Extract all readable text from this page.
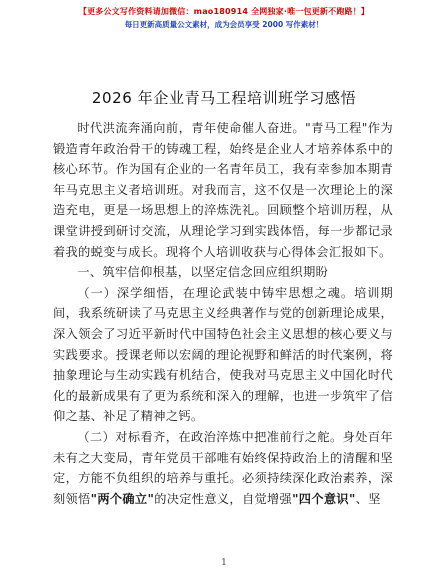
【更多公文写作资料请加微信：mao180914 全网独家·唯一包更新不跑路！】
每日更新高质量公文素材，成为会员享受 2000 写作素材！
2026 年企业青马工程培训班学习感悟

时代洪流奔涌向前，青年使命催人奋进。"青马工程"作为锻造青年政治骨干的铸魂工程，始终是企业人才培养体系中的核心环节。作为国有企业的一名青年员工，我有幸参加本期青年马克思主义者培训班。对我而言，这不仅是一次理论上的深造充电，更是一场思想上的淬炼洗礼。回顾整个培训历程，从课堂讲授到研讨交流，从理论学习到实践体悟，每一步都记录着我的蜕变与成长。现将个人培训收获与心得体会汇报如下。

一、筑牢信仰根基，以坚定信念回应组织期盼

（一）深学细悟，在理论武装中铸牢思想之魂。培训期间，我系统研读了马克思主义经典著作与党的创新理论成果，深入领会了习近平新时代中国特色社会主义思想的核心要义与实践要求。授课老师以宏阔的理论视野和鲜活的时代案例，将抽象理论与生动实践有机结合，使我对马克思主义中国化时代化的最新成果有了更为系统和深入的理解，也进一步筑牢了信仰之基、补足了精神之钙。

（二）对标看齐，在政治淬炼中把准前行之舵。身处百年未有之大变局，青年党员干部唯有始终保持政治上的清醒和坚定，方能不负组织的培养与重托。必须持续深化政治素养，深刻领悟"两个确立"的决定性意义，自觉增强"四个意识"、坚

1
